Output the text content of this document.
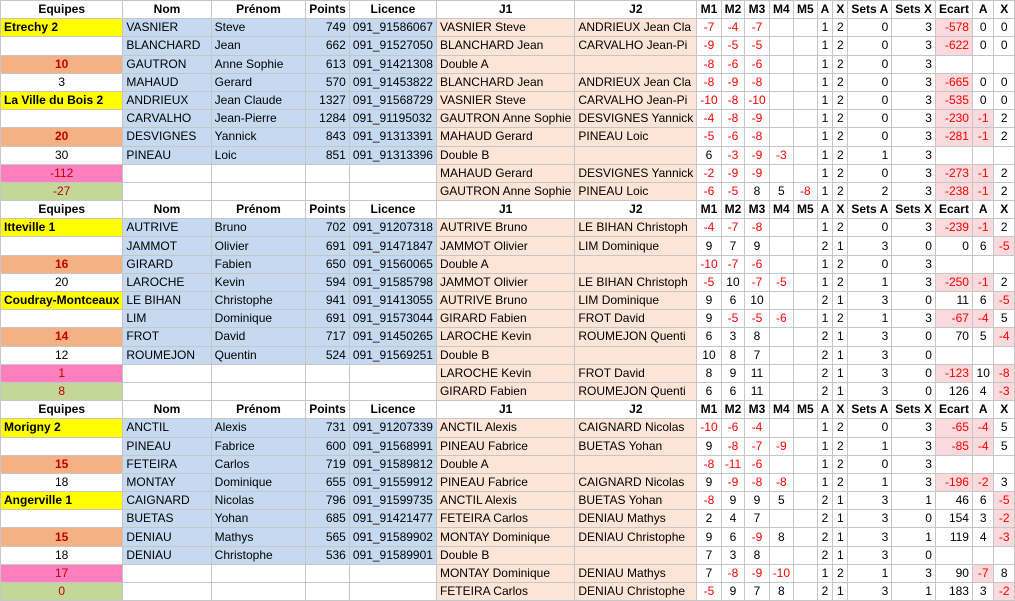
Equipes	Nom	Prénom	Points	Licence	J1	J2	M1	M2	M3	M4	M5	A	X	Sets A	Sets X	Ecart	A	X
Etrechy 2	VASNIER	Steve	749	091_91586067	VASNIER Steve	ANDRIEUX Jean Cla	-7	-4	-7			1	2	0	3	-578	0	0
	BLANCHARD	Jean	662	091_91527050	BLANCHARD Jean	CARVALHO Jean-Pi	-9	-5	-5			1	2	0	3	-622	0	0
10	GAUTRON	Anne Sophie	613	091_91421308	Double A		-8	-6	-6			1	2	0	3			
3	MAHAUD	Gerard	570	091_91453822	BLANCHARD Jean	ANDRIEUX Jean Cla	-8	-9	-8			1	2	0	3	-665	0	0
La Ville du Bois 2	ANDRIEUX	Jean Claude	1327	091_91568729	VASNIER Steve	CARVALHO Jean-Pi	-10	-8	-10			1	2	0	3	-535	0	0
	CARVALHO	Jean-Pierre	1284	091_91195032	GAUTRON Anne Sophie	DESVIGNES Yannick	-4	-8	-9			1	2	0	3	-230	-1	2
20	DESVIGNES	Yannick	843	091_91313391	MAHAUD Gerard	PINEAU Loic	-5	-6	-8			1	2	0	3	-281	-1	2
30	PINEAU	Loic	851	091_91313396	Double B		6	-3	-9	-3		1	2	1	3			
-112					MAHAUD Gerard	DESVIGNES Yannick	-2	-9	-9			1	2	0	3	-273	-1	2
-27					GAUTRON Anne Sophie	PINEAU Loic	-6	-5	8	5	-8	1	2	2	3	-238	-1	2
Equipes	Nom	Prénom	Points	Licence	J1	J2	M1	M2	M3	M4	M5	A	X	Sets A	Sets X	Ecart	A	X
Itteville 1	AUTRIVE	Bruno	702	091_91207318	AUTRIVE Bruno	LE BIHAN Christoph	-4	-7	-8			1	2	0	3	-239	-1	2
	JAMMOT	Olivier	691	091_91471847	JAMMOT Olivier	LIM Dominique	9	7	9			2	1	3	0	0	6	-5
16	GIRARD	Fabien	650	091_91560065	Double A		-10	-7	-6			1	2	0	3			
20	LAROCHE	Kevin	594	091_91585798	JAMMOT Olivier	LE BIHAN Christoph	-5	10	-7	-5		1	2	1	3	-250	-1	2
Coudray-Montceaux	LE BIHAN	Christophe	941	091_91413055	AUTRIVE Bruno	LIM Dominique	9	6	10			2	1	3	0	11	6	-5
	LIM	Dominique	691	091_91573044	GIRARD Fabien	FROT David	9	-5	-5	-6		1	2	1	3	-67	-4	5
14	FROT	David	717	091_91450265	LAROCHE Kevin	ROUMEJON Quenti	6	3	8			2	1	3	0	70	5	-4
12	ROUMEJON	Quentin	524	091_91569251	Double B		10	8	7			2	1	3	0			
1					LAROCHE Kevin	FROT David	8	9	11			2	1	3	0	-123	10	-8
8					GIRARD Fabien	ROUMEJON Quenti	6	6	11			2	1	3	0	126	4	-3
Equipes	Nom	Prénom	Points	Licence	J1	J2	M1	M2	M3	M4	M5	A	X	Sets A	Sets X	Ecart	A	X
Morigny 2	ANCTIL	Alexis	731	091_91207339	ANCTIL Alexis	CAIGNARD Nicolas	-10	-6	-4			1	2	0	3	-65	-4	5
	PINEAU	Fabrice	600	091_91568991	PINEAU Fabrice	BUETAS Yohan	9	-8	-7	-9		1	2	1	3	-85	-4	5
15	FETEIRA	Carlos	719	091_91589812	Double A		-8	-11	-6			1	2	0	3			
18	MONTAY	Dominique	655	091_91559912	PINEAU Fabrice	CAIGNARD Nicolas	9	-9	-8	-8		1	2	1	3	-196	-2	3
Angerville 1	CAIGNARD	Nicolas	796	091_91599735	ANCTIL Alexis	BUETAS Yohan	-8	9	9	5		2	1	3	1	46	6	-5
	BUETAS	Yohan	685	091_91421477	FETEIRA Carlos	DENIAU Mathys	2	4	7			2	1	3	0	154	3	-2
15	DENIAU	Mathys	565	091_91589902	MONTAY Dominique	DENIAU Christophe	9	6	-9	8		2	1	3	1	119	4	-3
18	DENIAU	Christophe	536	091_91589901	Double B		7	3	8			2	1	3	0			
17					MONTAY Dominique	DENIAU Mathys	7	-8	-9	-10		1	2	1	3	90	-7	8
0					FETEIRA Carlos	DENIAU Christophe	-5	9	7	8		2	1	3	1	183	3	-2
